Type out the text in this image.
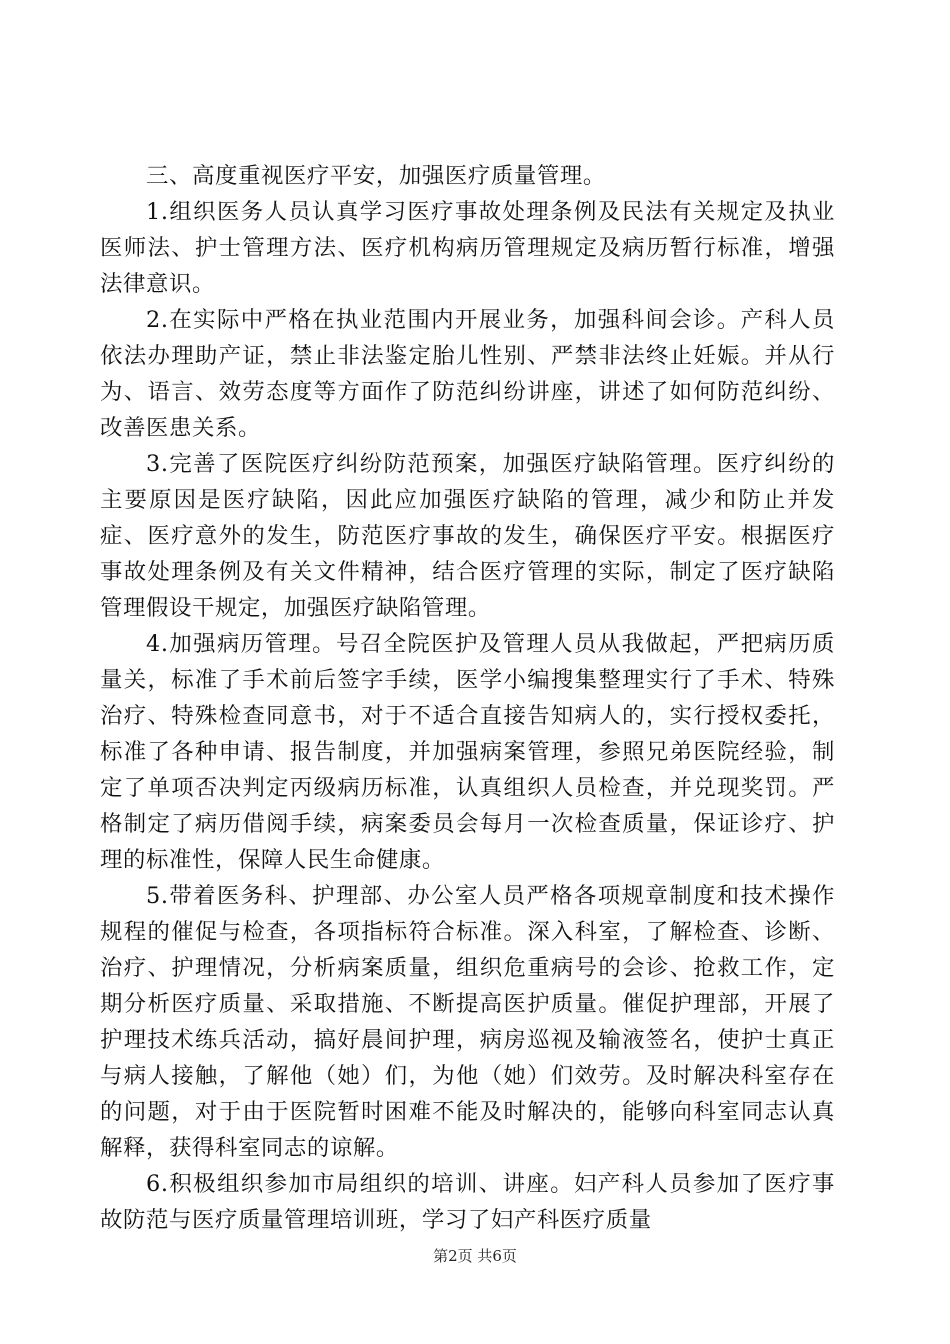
三、高度重视医疗平安，加强医疗质量管理。

1.组织医务人员认真学习医疗事故处理条例及民法有关规定及执业医师法、护士管理方法、医疗机构病历管理规定及病历暂行标准，增强法律意识。

2.在实际中严格在执业范围内开展业务，加强科间会诊。产科人员依法办理助产证，禁止非法鉴定胎儿性别、严禁非法终止妊娠。并从行为、语言、效劳态度等方面作了防范纠纷讲座，讲述了如何防范纠纷、改善医患关系。

3.完善了医院医疗纠纷防范预案，加强医疗缺陷管理。医疗纠纷的主要原因是医疗缺陷，因此应加强医疗缺陷的管理，减少和防止并发症、医疗意外的发生，防范医疗事故的发生，确保医疗平安。根据医疗事故处理条例及有关文件精神，结合医疗管理的实际，制定了医疗缺陷管理假设干规定，加强医疗缺陷管理。

4.加强病历管理。号召全院医护及管理人员从我做起，严把病历质量关，标准了手术前后签字手续，医学小编搜集整理实行了手术、特殊治疗、特殊检查同意书，对于不适合直接告知病人的，实行授权委托，标准了各种申请、报告制度，并加强病案管理，参照兄弟医院经验，制定了单项否决判定丙级病历标准，认真组织人员检查，并兑现奖罚。严格制定了病历借阅手续，病案委员会每月一次检查质量，保证诊疗、护理的标准性，保障人民生命健康。

5.带着医务科、护理部、办公室人员严格各项规章制度和技术操作规程的催促与检查，各项指标符合标准。深入科室，了解检查、诊断、治疗、护理情况，分析病案质量，组织危重病号的会诊、抢救工作，定期分析医疗质量、采取措施、不断提高医护质量。催促护理部，开展了护理技术练兵活动，搞好晨间护理，病房巡视及输液签名，使护士真正与病人接触，了解他（她）们，为他（她）们效劳。及时解决科室存在的问题，对于由于医院暂时困难不能及时解决的，能够向科室同志认真解释，获得科室同志的谅解。

6.积极组织参加市局组织的培训、讲座。妇产科人员参加了医疗事故防范与医疗质量管理培训班，学习了妇产科医疗质量

第2页 共6页
